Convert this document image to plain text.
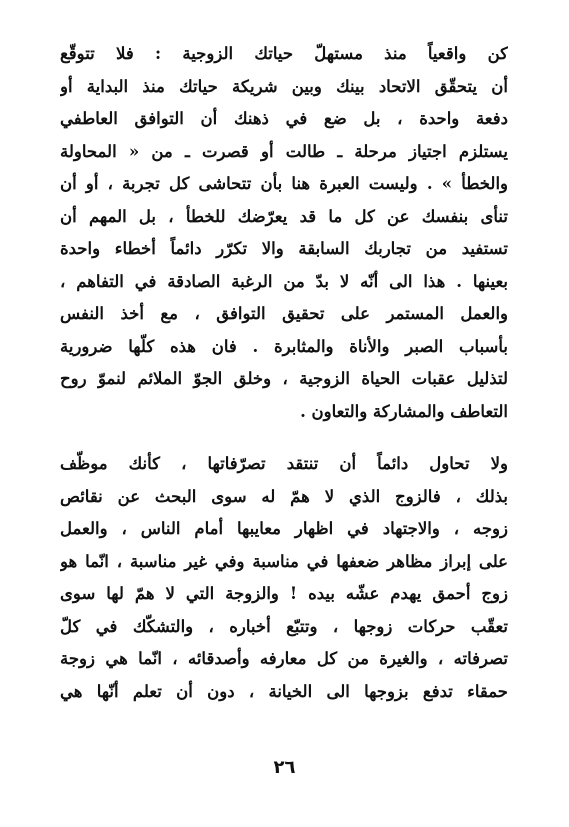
كن واقعياً منذ مستهلّ حياتك الزوجية : فلا تتوقّع
أن يتحقّق الاتحاد بينك وبين شريكة حياتك منذ البداية أو
دفعة واحدة ، بل ضع في ذهنك أن التوافق العاطفي
يستلزم اجتياز مرحلة ـ طالت أو قصرت ـ من « المحاولة
والخطأ » . وليست العبرة هنا بأن تتحاشى كل تجربة ، أو أن
تنأى بنفسك عن كل ما قد يعرّضك للخطأ ، بل المهم أن
تستفيد من تجاربك السابقة والا تكرّر دائماً أخطاء واحدة
بعينها . هذا الى أنّه لا بدّ من الرغبة الصادقة في التفاهم ،
والعمل المستمر على تحقيق التوافق ، مع أخذ النفس
بأسباب الصبر والأناة والمثابرة . فان هذه كلّها ضرورية
لتذليل عقبات الحياة الزوجية ، وخلق الجوّ الملائم لنموّ روح
التعاطف والمشاركة والتعاون .
ولا تحاول دائماً أن تنتقد تصرّفاتها ، كأنك موظّف
بذلك ، فالزوج الذي لا همّ له سوى البحث عن نقائص
زوجه ، والاجتهاد في اظهار معايبها أمام الناس ، والعمل
على إبراز مظاهر ضعفها في مناسبة وفي غير مناسبة ، انّما هو
زوج أحمق يهدم عشّه بيده ! والزوجة التي لا همّ لها سوى
تعقّب حركات زوجها ، وتتبّع أخباره ، والتشكّك في كلّ
تصرفاته ، والغيرة من كل معارفه وأصدقائه ، انّما هي زوجة
حمقاء تدفع بزوجها الى الخيانة ، دون أن تعلم أنّها هي
٢٦
